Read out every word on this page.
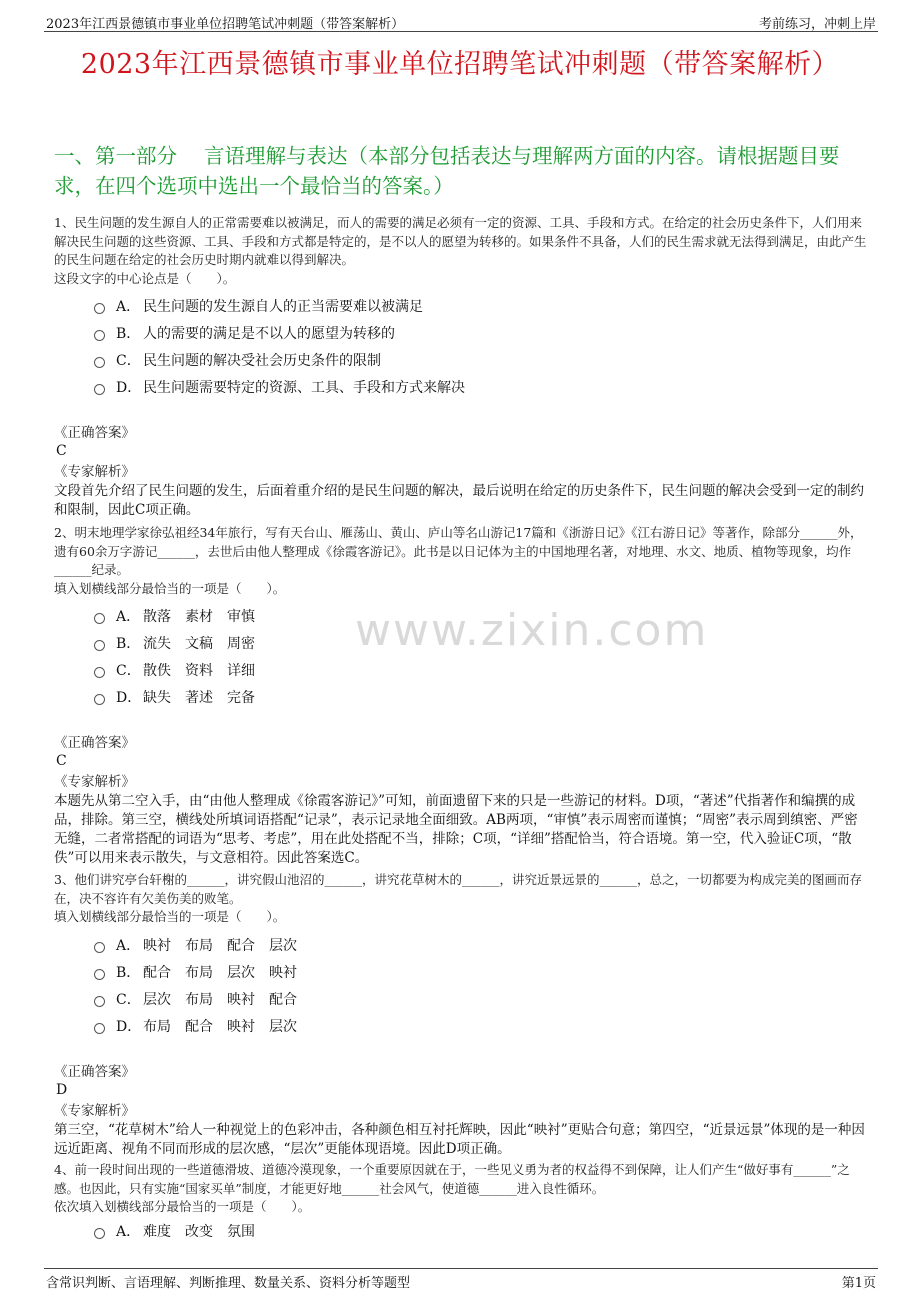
2023年江西景德镇市事业单位招聘笔试冲刺题（带答案解析）	考前练习，冲刺上岸
2023年江西景德镇市事业单位招聘笔试冲刺题（带答案解析）
一、第一部分　 言语理解与表达（本部分包括表达与理解两方面的内容。请根据题目要求，在四个选项中选出一个最恰当的答案。）
www.zixin.com

1、民生问题的发生源自人的正常需要难以被满足，而人的需要的满足必须有一定的资源、工具、手段和方式。在给定的社会历史条件下，人们用来解决民生问题的这些资源、工具、手段和方式都是特定的，是不以人的愿望为转移的。如果条件不具备，人们的民生需求就无法得到满足，由此产生的民生问题在给定的社会历史时期内就难以得到解决。

这段文字的中心论点是（　　）。

A． 民生问题的发生源自人的正当需要难以被满足
B． 人的需要的满足是不以人的愿望为转移的
C． 民生问题的解决受社会历史条件的限制
D． 民生问题需要特定的资源、工具、手段和方式来解决
《正确答案》
C
《专家解析》

文段首先介绍了民生问题的发生，后面着重介绍的是民生问题的解决，最后说明在给定的历史条件下，民生问题的解决会受到一定的制约和限制，因此C项正确。

2、明末地理学家徐弘祖经34年旅行，写有天台山、雁荡山、黄山、庐山等名山游记17篇和《浙游日记》《江右游日记》等著作，除部分______外，遗有60余万字游记______，去世后由他人整理成《徐霞客游记》。此书是以日记体为主的中国地理名著，对地理、水文、地质、植物等现象，均作______纪录。

填入划横线部分最恰当的一项是（　　）。

A． 散落　素材　审慎
B． 流失　文稿　周密
C． 散佚　资料　详细
D． 缺失　著述　完备
《正确答案》
C
《专家解析》

本题先从第二空入手，由“由他人整理成《徐霞客游记》”可知，前面遗留下来的只是一些游记的材料。D项，“著述”代指著作和编撰的成品，排除。第三空，横线处所填词语搭配“记录”，表示记录地全面细致。AB两项，“审慎”表示周密而谨慎；“周密”表示周到缜密、严密无缝，二者常搭配的词语为“思考、考虑”，用在此处搭配不当，排除；C项，“详细”搭配恰当，符合语境。第一空，代入验证C项，“散佚”可以用来表示散失，与文意相符。因此答案选C。

3、他们讲究亭台轩榭的______，讲究假山池沼的______，讲究花草树木的______，讲究近景远景的______，总之，一切都要为构成完美的图画而存在，决不容许有欠美伤美的败笔。

填入划横线部分最恰当的一项是（　　）。

A． 映衬　布局　配合　层次
B． 配合　布局　层次　映衬
C． 层次　布局　映衬　配合
D． 布局　配合　映衬　层次
《正确答案》
D
《专家解析》

第三空，“花草树木”给人一种视觉上的色彩冲击，各种颜色相互衬托辉映，因此“映衬”更贴合句意；第四空，“近景远景”体现的是一种因远近距离、视角不同而形成的层次感，“层次”更能体现语境。因此D项正确。

4、前一段时间出现的一些道德滑坡、道德冷漠现象，一个重要原因就在于，一些见义勇为者的权益得不到保障，让人们产生“做好事有______”之感。也因此，只有实施“国家买单”制度，才能更好地______社会风气，使道德______进入良性循环。

依次填入划横线部分最恰当的一项是（　　）。

A． 难度　改变　氛围
含常识判断、言语理解、判断推理、数量关系、资料分析等题型	第1页
